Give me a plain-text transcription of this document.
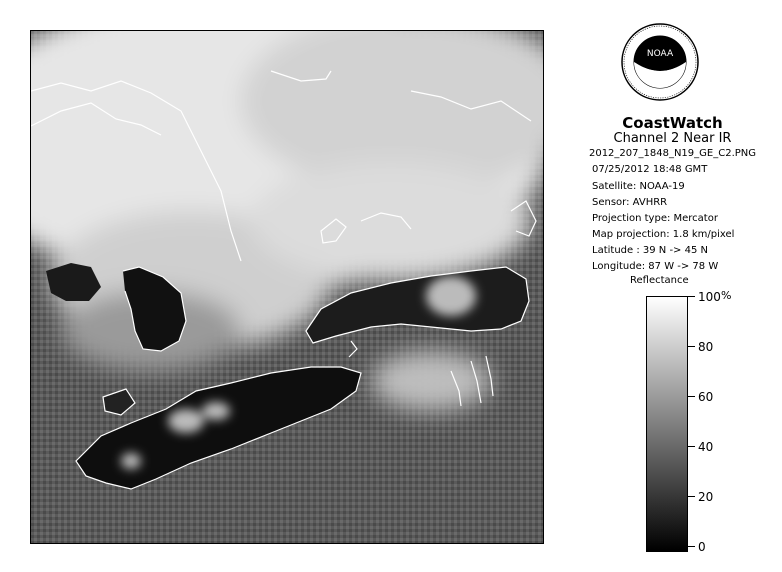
NOAA
CoastWatch
Channel 2 Near IR
2012_207_1848_N19_GE_C2.PNG
07/25/2012 18:48 GMT
Satellite: NOAA-19
Sensor: AVHRR
Projection type: Mercator
Map projection: 1.8 km/pixel
Latitude : 39 N -> 45 N
Longitude: 87 W -> 78 W
Reflectance
%
100
80
60
40
20
0
